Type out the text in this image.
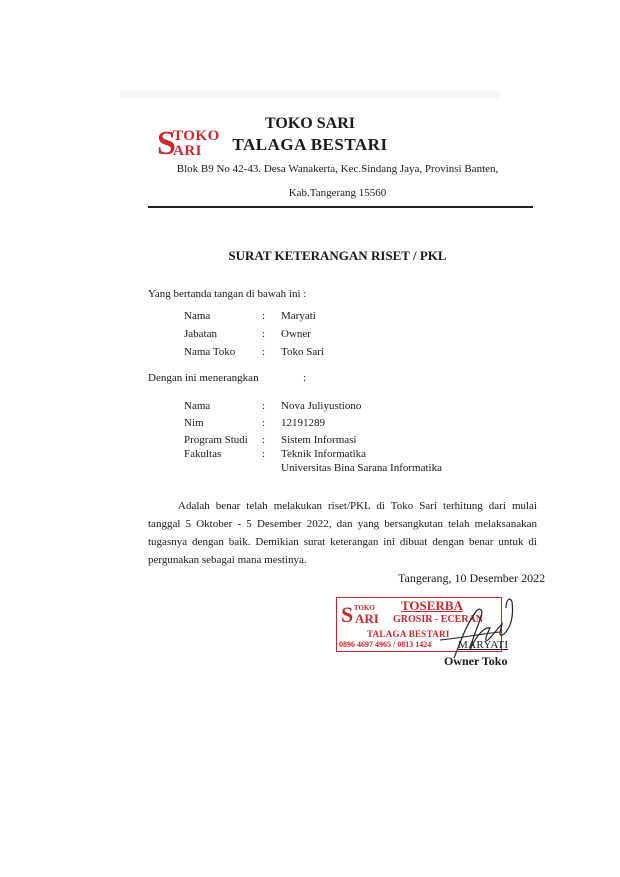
S
TOKO
ARI
TOKO SARI
TALAGA BESTARI
Blok B9 No 42-43. Desa Wanakerta, Kec.Sindang Jaya, Provinsi Banten,
Kab.Tangerang 15560
SURAT KETERANGAN RISET / PKL
Yang bertanda tangan di bawah ini :
Nama	: Maryati
Jabatan	: Owner
Nama Toko : Toko Sari
Dengan ini menerangkan	:
Nama	: Nova Juliyustiono
Nim	: 12191289
Program Studi : Sistem Informasi
Fakultas	: Teknik Informatika
Universitas Bina Sarana Informatika
Adalah benar telah melakukan riset/PKL di Toko Sari terhitung dari mulai tanggal 5 Oktober - 5 Desember 2022, dan yang bersangkutan telah melaksanakan tugasnya dengan baik. Demikian surat keterangan ini dibuat dengan benar untuk di pergunakan sebagai mana mestinya.
Tangerang, 10 Desember 2022
S TOKO
ARI
TOSERBA
GROSIR - ECERAN
TALAGA BESTARI
0896 4697 4965 / 0813 1424 MARYATI
Owner Toko
